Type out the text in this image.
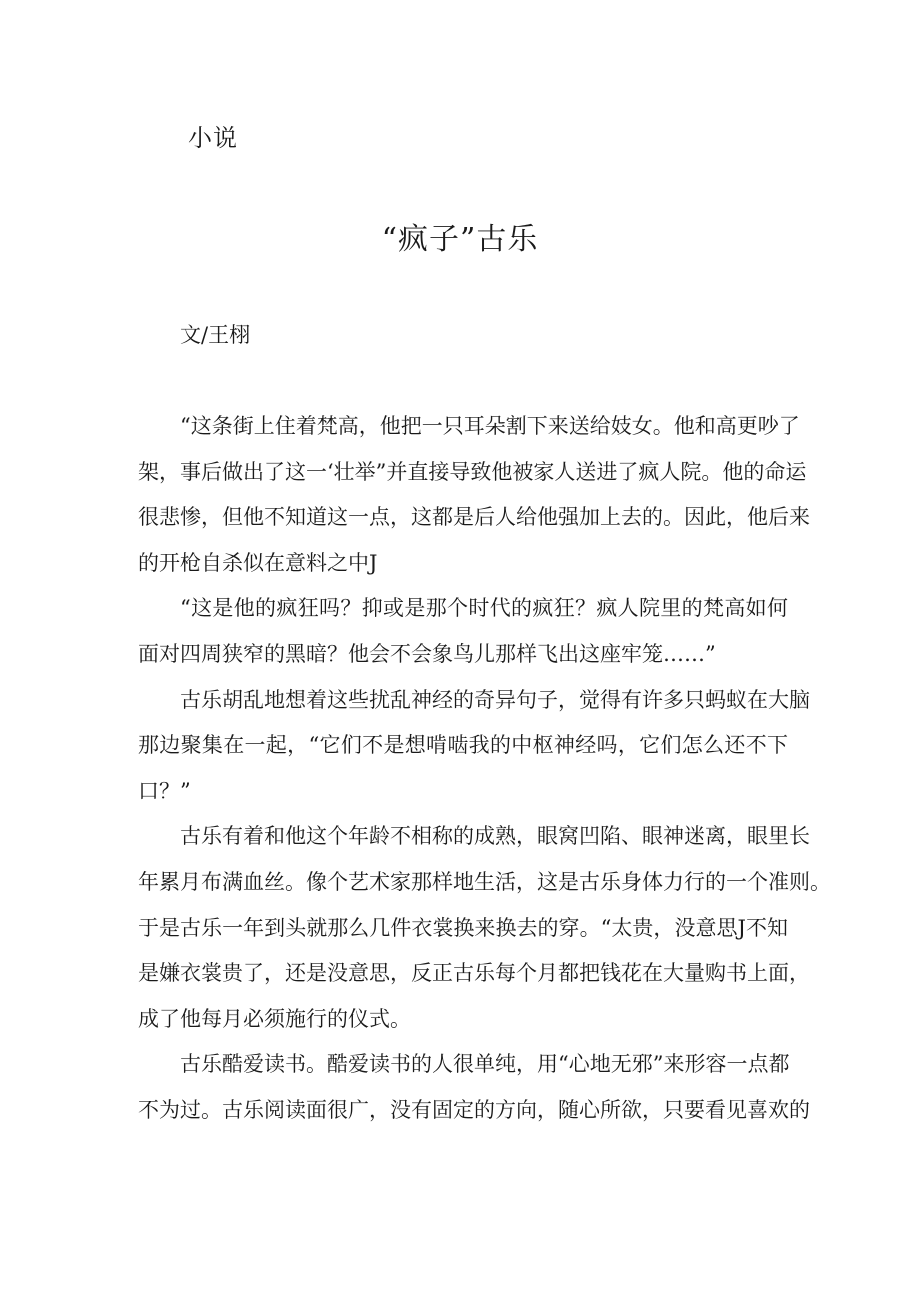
小说
“疯子”古乐
文/王栩
“这条街上住着梵高，他把一只耳朵割下来送给妓女。他和高更吵了
架，事后做出了这一‘壮举”并直接导致他被家人送进了疯人院。他的命运
很悲惨，但他不知道这一点，这都是后人给他强加上去的。因此，他后来
的开枪自杀似在意料之中J
“这是他的疯狂吗？抑或是那个时代的疯狂？疯人院里的梵高如何
面对四周狭窄的黑暗？他会不会象鸟儿那样飞出这座牢笼……”
古乐胡乱地想着这些扰乱神经的奇异句子，觉得有许多只蚂蚁在大脑
那边聚集在一起，“它们不是想啃啮我的中枢神经吗，它们怎么还不下
口？”
古乐有着和他这个年龄不相称的成熟，眼窝凹陷、眼神迷离，眼里长
年累月布满血丝。像个艺术家那样地生活，这是古乐身体力行的一个准则。
于是古乐一年到头就那么几件衣裳换来换去的穿。“太贵，没意思J不知
是嫌衣裳贵了，还是没意思，反正古乐每个月都把钱花在大量购书上面，
成了他每月必须施行的仪式。
古乐酷爱读书。酷爱读书的人很单纯，用“心地无邪”来形容一点都
不为过。古乐阅读面很广，没有固定的方向，随心所欲，只要看见喜欢的
